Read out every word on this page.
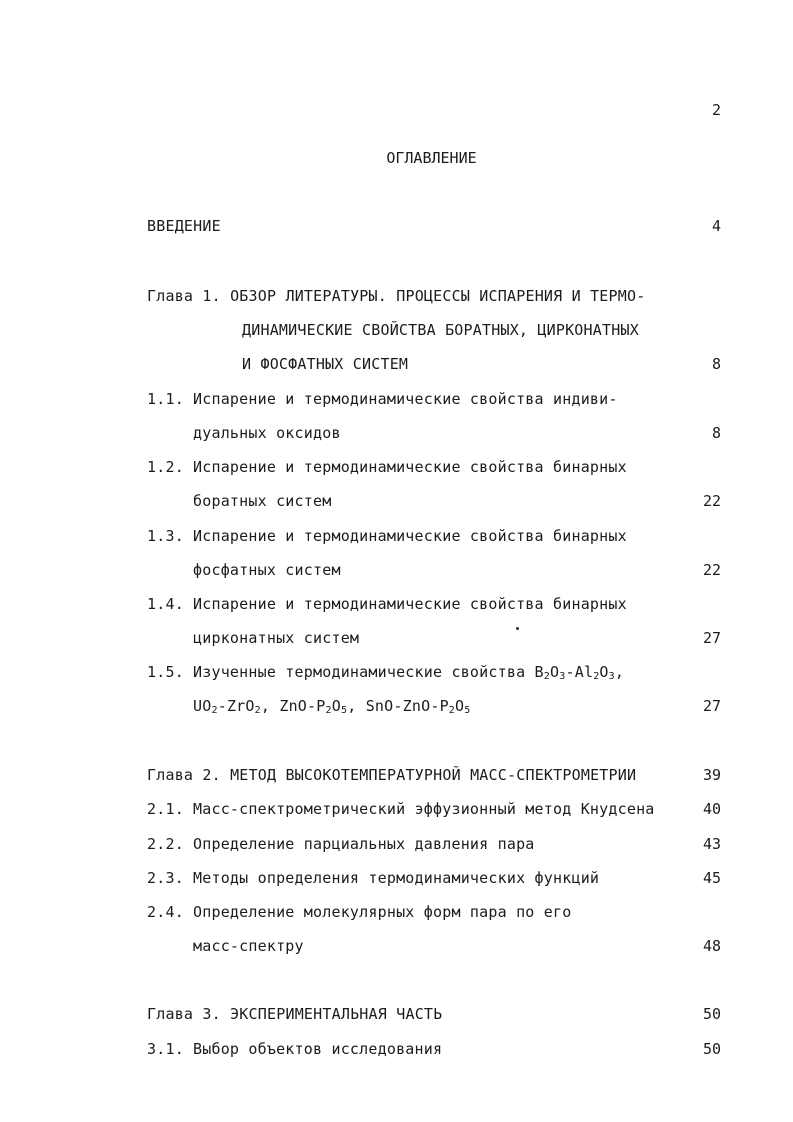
2
ОГЛАВЛЕНИЕ
ВВЕДЕНИЕ	4
Глава 1. ОБЗОР ЛИТЕРАТУРЫ. ПРОЦЕССЫ ИСПАРЕНИЯ И ТЕРМО-
ДИНАМИЧЕСКИЕ СВОЙСТВА БОРАТНЫХ, ЦИРКОНАТНЫХ
И ФОСФАТНЫХ СИСТЕМ	8
1.1. Испарение и термодинамические свойства индиви-
дуальных оксидов	8
1.2. Испарение и термодинамические свойства бинарных
боратных систем	22
1.3. Испарение и термодинамические свойства бинарных
фосфатных систем	22
1.4. Испарение и термодинамические свойства бинарных
цирконатных систем	27
1.5. Изученные термодинамические свойства $B_2O_3-Al_2O_3$,
$UO_2-ZrO_2$, ZnO-$P_2O_5$, SnO-$ZnO-P_2O_5$	27
Глава 2. МЕТОД ВЫСОКОТЕМПЕРАТУРНОЙ МАСС-СПЕКТРОМЕТРИИ	39
2.1. Масс-спектрометрический эффузионный метод Кнудсена	40
2.2. Определение парциальных давления пара	43
2.3. Методы определения термодинамических функций	45
2.4. Определение молекулярных форм пара по его
масс-спектру	48
Глава 3. ЭКСПЕРИМЕНТАЛЬНАЯ ЧАСТЬ	50
3.1. Выбор объектов исследования	50
